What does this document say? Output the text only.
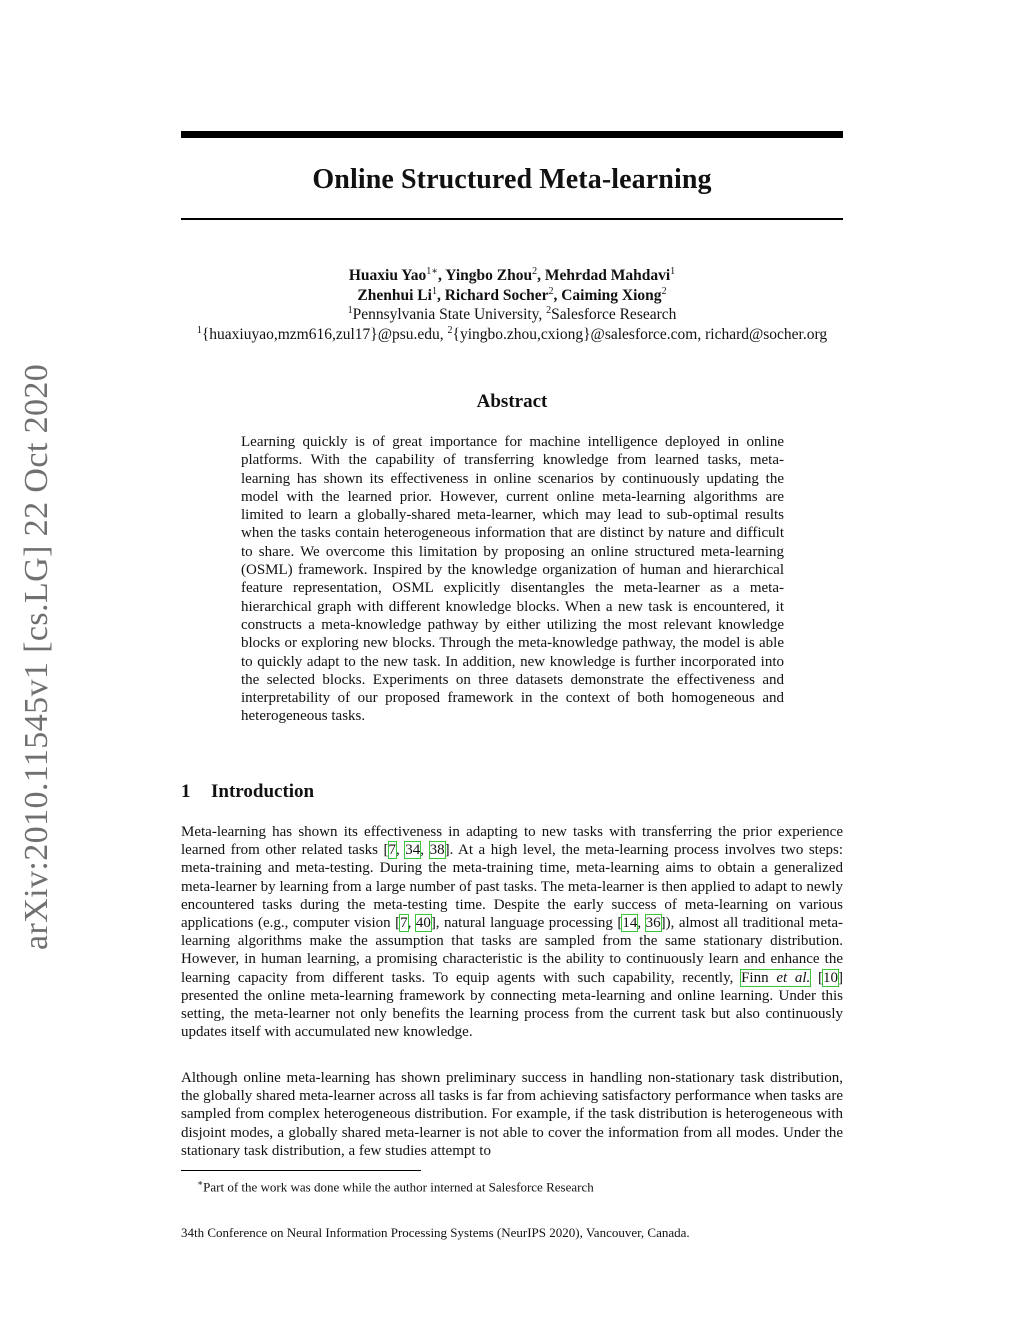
arXiv:2010.11545v1 [cs.LG] 22 Oct 2020
Online Structured Meta-learning
Huaxiu Yao$^{1∗}$, Yingbo Zhou$^2$, Mehrdad Mahdavi$^1$
Zhenhui Li$^1$, Richard Socher$^2$, Caiming Xiong$^2$
$^1$Pennsylvania State University, $^2$Salesforce Research
$^1${huaxiuyao,mzm616,zul17}@psu.edu, $^2${yingbo.zhou,cxiong}@salesforce.com, richard@socher.org
Abstract
Learning quickly is of great importance for machine intelligence deployed in online platforms. With the capability of transferring knowledge from learned tasks, meta-learning has shown its effectiveness in online scenarios by continuously updating the model with the learned prior. However, current online meta-learning algorithms are limited to learn a globally-shared meta-learner, which may lead to sub-optimal results when the tasks contain heterogeneous information that are distinct by nature and difficult to share. We overcome this limitation by proposing an online structured meta-learning (OSML) framework. Inspired by the knowledge organization of human and hierarchical feature representation, OSML explicitly disentangles the meta-learner as a meta-hierarchical graph with different knowledge blocks. When a new task is encountered, it constructs a meta-knowledge pathway by either utilizing the most relevant knowledge blocks or exploring new blocks. Through the meta-knowledge pathway, the model is able to quickly adapt to the new task. In addition, new knowledge is further incorporated into the selected blocks. Experiments on three datasets demonstrate the effectiveness and interpretability of our proposed framework in the context of both homogeneous and heterogeneous tasks.
1 Introduction
Meta-learning has shown its effectiveness in adapting to new tasks with transferring the prior experience learned from other related tasks [7, 34, 38]. At a high level, the meta-learning process involves two steps: meta-training and meta-testing. During the meta-training time, meta-learning aims to obtain a generalized meta-learner by learning from a large number of past tasks. The meta-learner is then applied to adapt to newly encountered tasks during the meta-testing time. Despite the early success of meta-learning on various applications (e.g., computer vision [7, 40], natural language processing [14, 36]), almost all traditional meta-learning algorithms make the assumption that tasks are sampled from the same stationary distribution. However, in human learning, a promising characteristic is the ability to continuously learn and enhance the learning capacity from different tasks. To equip agents with such capability, recently, Finn et al. [10] presented the online meta-learning framework by connecting meta-learning and online learning. Under this setting, the meta-learner not only benefits the learning process from the current task but also continuously updates itself with accumulated new knowledge.
Although online meta-learning has shown preliminary success in handling non-stationary task distribution, the globally shared meta-learner across all tasks is far from achieving satisfactory performance when tasks are sampled from complex heterogeneous distribution. For example, if the task distribution is heterogeneous with disjoint modes, a globally shared meta-learner is not able to cover the information from all modes. Under the stationary task distribution, a few studies attempt to
∗Part of the work was done while the author interned at Salesforce Research
34th Conference on Neural Information Processing Systems (NeurIPS 2020), Vancouver, Canada.
